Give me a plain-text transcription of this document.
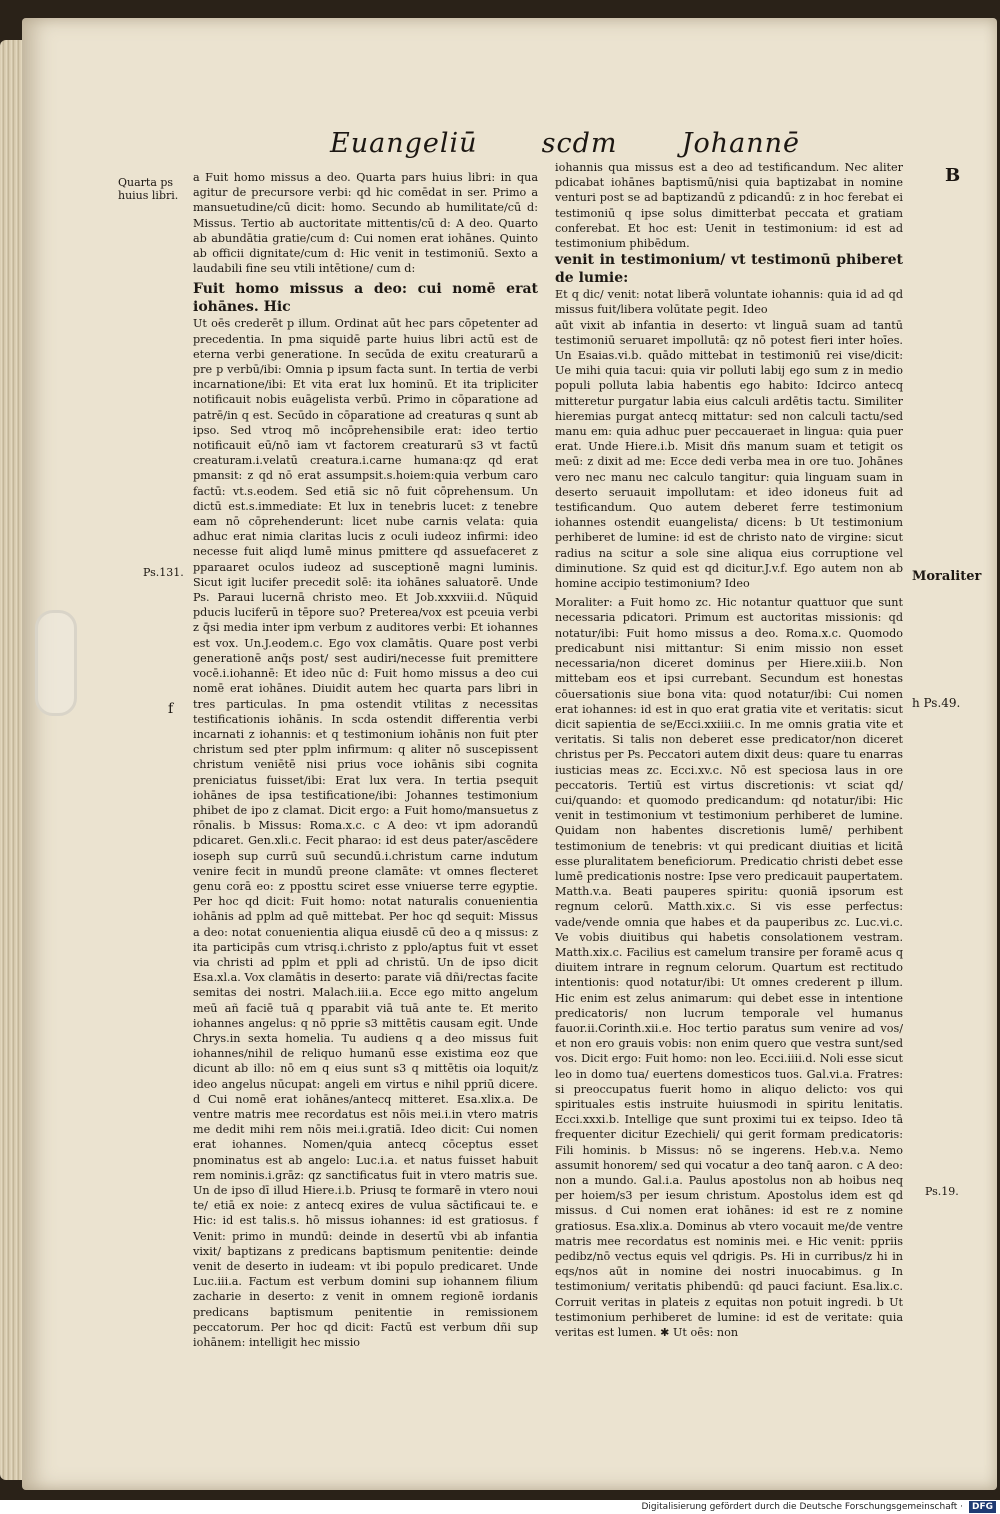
Euangeliū scdm Johannē
B
Quarta ps huius libri.
Ps.131.
f
Moraliter
h Ps.49.
Ps.19.

a Fuit homo missus a deo. Quarta pars huius libri: in qua agitur de precursore verbi: qd hic comēdat in ser. Primo a mansuetudine/cū dicit: homo. Secundo ab humilitate/cū d: Missus. Tertio ab auctoritate mittentis/cū d: A deo. Quarto ab abundātia gratie/cum d: Cui nomen erat iohānes. Quinto ab officii dignitate/cum d: Hic venit in testimoniū. Sexto a laudabili fine seu vtili intētione/ cum d:

Fuit homo missus a deo: cui nomē erat iohānes. Hic

Ut oēs crederēt p illum. Ordinat aūt hec pars cōpetenter ad precedentia. In pma siquidē parte huius libri actū est de eterna verbi generatione. In secūda de exitu creaturarū a pre p verbū/ibi: Omnia p ipsum facta sunt. In tertia de verbi incarnatione/ibi: Et vita erat lux hominū. Et ita tripliciter notificauit nobis euāgelista verbū. Primo in cōparatione ad patrē/in q est. Secūdo in cōparatione ad creaturas q sunt ab ipso. Sed vtroq mō incōprehensibile erat: ideo tertio notificauit eū/nō iam vt factorem creaturarū s3 vt factū creaturam.i.velatū creatura.i.carne humana:qz qd erat pmansit: z qd nō erat assumpsit.s.hoiem:quia verbum caro factū: vt.s.eodem. Sed etiā sic nō fuit cōprehensum. Un dictū est.s.immediate: Et lux in tenebris lucet: z tenebre eam nō cōprehenderunt: licet nube carnis velata: quia adhuc erat nimia claritas lucis z oculi iudeoz infirmi: ideo necesse fuit aliqd lumē minus pmittere qd assuefaceret z pparaaret oculos iudeoz ad susceptionē magni luminis. Sicut igit lucifer precedit solē: ita iohānes saluatorē. Unde Ps. Paraui lucernā christo meo. Et Job.xxxviii.d. Nūquid pducis luciferū in tēpore suo? Preterea/vox est pceuia verbi z q̄si media inter ipm verbum z auditores verbi: Et iohannes est vox. Un.J.eodem.c. Ego vox clamātis. Quare post verbi generationē anq̄s post/ sest audiri/necesse fuit premittere vocē.i.iohannē: Et ideo nūc d: Fuit homo missus a deo cui nomē erat iohānes. Diuidit autem hec quarta pars libri in tres particulas. In pma ostendit vtilitas z necessitas testificationis iohānis. In scda ostendit differentia verbi incarnati z iohannis: et q testimonium iohānis non fuit pter christum sed pter pplm infirmum: q aliter nō suscepissent christum veniētē nisi prius voce iohānis sibi cognita preniciatus fuisset/ibi: Erat lux vera. In tertia psequit iohānes de ipsa testificatione/ibi: Johannes testimonium phibet de ipo z clamat. Dicit ergo: a Fuit homo/mansuetus z rōnalis. b Missus: Roma.x.c. c A deo: vt ipm adorandū pdicaret. Gen.xli.c. Fecit pharao: id est deus pater/ascēdere ioseph sup currū suū secundū.i.christum carne indutum venire fecit in mundū preone clamāte: vt omnes flecteret genu corā eo: z pposttu sciret esse vniuerse terre egyptie. Per hoc qd dicit: Fuit homo: notat naturalis conuenientia iohānis ad pplm ad quē mittebat. Per hoc qd sequit: Missus a deo: notat conuenientia aliqua eiusdē cū deo a q missus: z ita participās cum vtrisq.i.christo z pplo/aptus fuit vt esset via christi ad pplm et ppli ad christū. Un de ipso dicit Esa.xl.a. Vox clamātis in deserto: parate viā dñi/rectas facite semitas dei nostri. Malach.iii.a. Ecce ego mitto angelum meū añ faciē tuā q pparabit viā tuā ante te. Et merito iohannes angelus: q nō pprie s3 mittētis causam egit. Unde Chrys.in sexta homelia. Tu audiens q a deo missus fuit iohannes/nihil de reliquo humanū esse existima eoz que dicunt ab illo: nō em q eius sunt s3 q mittētis oia loquit/z ideo angelus nūcupat: angeli em virtus e nihil ppriū dicere. d Cui nomē erat iohānes/antecq mitteret. Esa.xlix.a. De ventre matris mee recordatus est nōis mei.i.in vtero matris me dedit mihi rem nōis mei.i.gratiā. Ideo dicit: Cui nomen erat iohannes. Nomen/quia antecq cōceptus esset pnominatus est ab angelo: Luc.i.a. et natus fuisset habuit rem nominis.i.grāz: qz sanctificatus fuit in vtero matris sue. Un de ipso dī illud Hiere.i.b. Priusq te formarē in vtero noui te/ etiā ex noie: z antecq exires de vulua sāctificaui te. e Hic: id est talis.s. hō missus iohannes: id est gratiosus. f Venit: primo in mundū: deinde in desertū vbi ab infantia vixit/ baptizans z predicans baptismum penitentie: deinde venit de deserto in iudeam: vt ibi populo predicaret. Unde Luc.iii.a. Factum est verbum domini sup iohannem filium zacharie in deserto: z venit in omnem regionē iordanis predicans baptismum penitentie in remissionem peccatorum. Per hoc qd dicit: Factū est verbum dñi sup iohānem: intelligit hec missio

iohannis qua missus est a deo ad testificandum. Nec aliter pdicabat iohānes baptismū/nisi quia baptizabat in nomine venturi post se ad baptizandū z pdicandū: z in hoc ferebat ei testimoniū q ipse solus dimitterbat peccata et gratiam conferebat. Et hoc est: Uenit in testimonium: id est ad testimonium phibēdum.

venit in testimonium/ vt testimonū phiberet de lumie:

Et q dic/ venit: notat liberā voluntate iohannis: quia id ad qd missus fuit/libera volūtate pegit. Ideo

aūt vixit ab infantia in deserto: vt linguā suam ad tantū testimoniū seruaret impollutā: qz nō potest fieri inter hoīes. Un Esaias.vi.b. quādo mittebat in testimoniū rei vise/dicit: Ue mihi quia tacui: quia vir polluti labij ego sum z in medio populi polluta labia habentis ego habito: Idcirco antecq mitteretur purgatur labia eius calculi ardētis tactu. Similiter hieremias purgat antecq mittatur: sed non calculi tactu/sed manu em: quia adhuc puer peccaueraet in lingua: quia puer erat. Unde Hiere.i.b. Misit dñs manum suam et tetigit os meū: z dixit ad me: Ecce dedi verba mea in ore tuo. Johānes vero nec manu nec calculo tangitur: quia linguam suam in deserto seruauit impollutam: et ideo idoneus fuit ad testificandum. Quo autem deberet ferre testimonium iohannes ostendit euangelista/ dicens: b Ut testimonium perhiberet de lumine: id est de christo nato de virgine: sicut radius na scitur a sole sine aliqua eius corruptione vel diminutione. Sz quid est qd dicitur.J.v.f. Ego autem non ab homine accipio testimonium? Ideo

Moraliter: a Fuit homo zc. Hic notantur quattuor que sunt necessaria pdicatori. Primum est auctoritas missionis: qd notatur/ibi: Fuit homo missus a deo. Roma.x.c. Quomodo predicabunt nisi mittantur: Si enim missio non esset necessaria/non diceret dominus per Hiere.xiii.b. Non mittebam eos et ipsi currebant. Secundum est honestas cōuersationis siue bona vita: quod notatur/ibi: Cui nomen erat iohannes: id est in quo erat gratia vite et veritatis: sicut dicit sapientia de se/Ecci.xxiiii.c. In me omnis gratia vite et veritatis. Si talis non deberet esse predicator/non diceret christus per Ps. Peccatori autem dixit deus: quare tu enarras iusticias meas zc. Ecci.xv.c. Nō est speciosa laus in ore peccatoris. Tertiū est virtus discretionis: vt sciat qd/ cui/quando: et quomodo predicandum: qd notatur/ibi: Hic venit in testimonium vt testimonium perhiberet de lumine. Quidam non habentes discretionis lumē/ perhibent testimonium de tenebris: vt qui predicant diuitias et licitā esse pluralitatem beneficiorum. Predicatio christi debet esse lumē predicationis nostre: Ipse vero predicauit paupertatem. Matth.v.a. Beati pauperes spiritu: quoniā ipsorum est regnum celorū. Matth.xix.c. Si vis esse perfectus: vade/vende omnia que habes et da pauperibus zc. Luc.vi.c. Ve vobis diuitibus qui habetis consolationem vestram. Matth.xix.c. Facilius est camelum transire per foramē acus q diuitem intrare in regnum celorum. Quartum est rectitudo intentionis: quod notatur/ibi: Ut omnes crederent p illum. Hic enim est zelus animarum: qui debet esse in intentione predicatoris/ non lucrum temporale vel humanus fauor.ii.Corinth.xii.e. Hoc tertio paratus sum venire ad vos/ et non ero grauis vobis: non enim quero que vestra sunt/sed vos. Dicit ergo: Fuit homo: non leo. Ecci.iiii.d. Noli esse sicut leo in domo tua/ euertens domesticos tuos. Gal.vi.a. Fratres: si preoccupatus fuerit homo in aliquo delicto: vos qui spirituales estis instruite huiusmodi in spiritu lenitatis. Ecci.xxxi.b. Intellige que sunt proximi tui ex teipso. Ideo tā frequenter dicitur Ezechieli/ qui gerit formam predicatoris: Fili hominis. b Missus: nō se ingerens. Heb.v.a. Nemo assumit honorem/ sed qui vocatur a deo tanq̄ aaron. c A deo: non a mundo. Gal.i.a. Paulus apostolus non ab hoibus neq per hoiem/s3 per iesum christum. Apostolus idem est qd missus. d Cui nomen erat iohānes: id est re z nomine gratiosus. Esa.xlix.a. Dominus ab vtero vocauit me/de ventre matris mee recordatus est nominis mei. e Hic venit: ppriis pedibz/nō vectus equis vel qdrigis. Ps. Hi in curribus/z hi in eqs/nos aūt in nomine dei nostri inuocabimus. g In testimonium/ veritatis phibendū: qd pauci faciunt. Esa.lix.c. Corruit veritas in plateis z equitas non potuit ingredi. b Ut testimonium perhiberet de lumine: id est de veritate: quia veritas est lumen. ✱ Ut oēs: non

Digitalisierung gefördert durch die Deutsche Forschungsgemeinschaft ·	DFG
